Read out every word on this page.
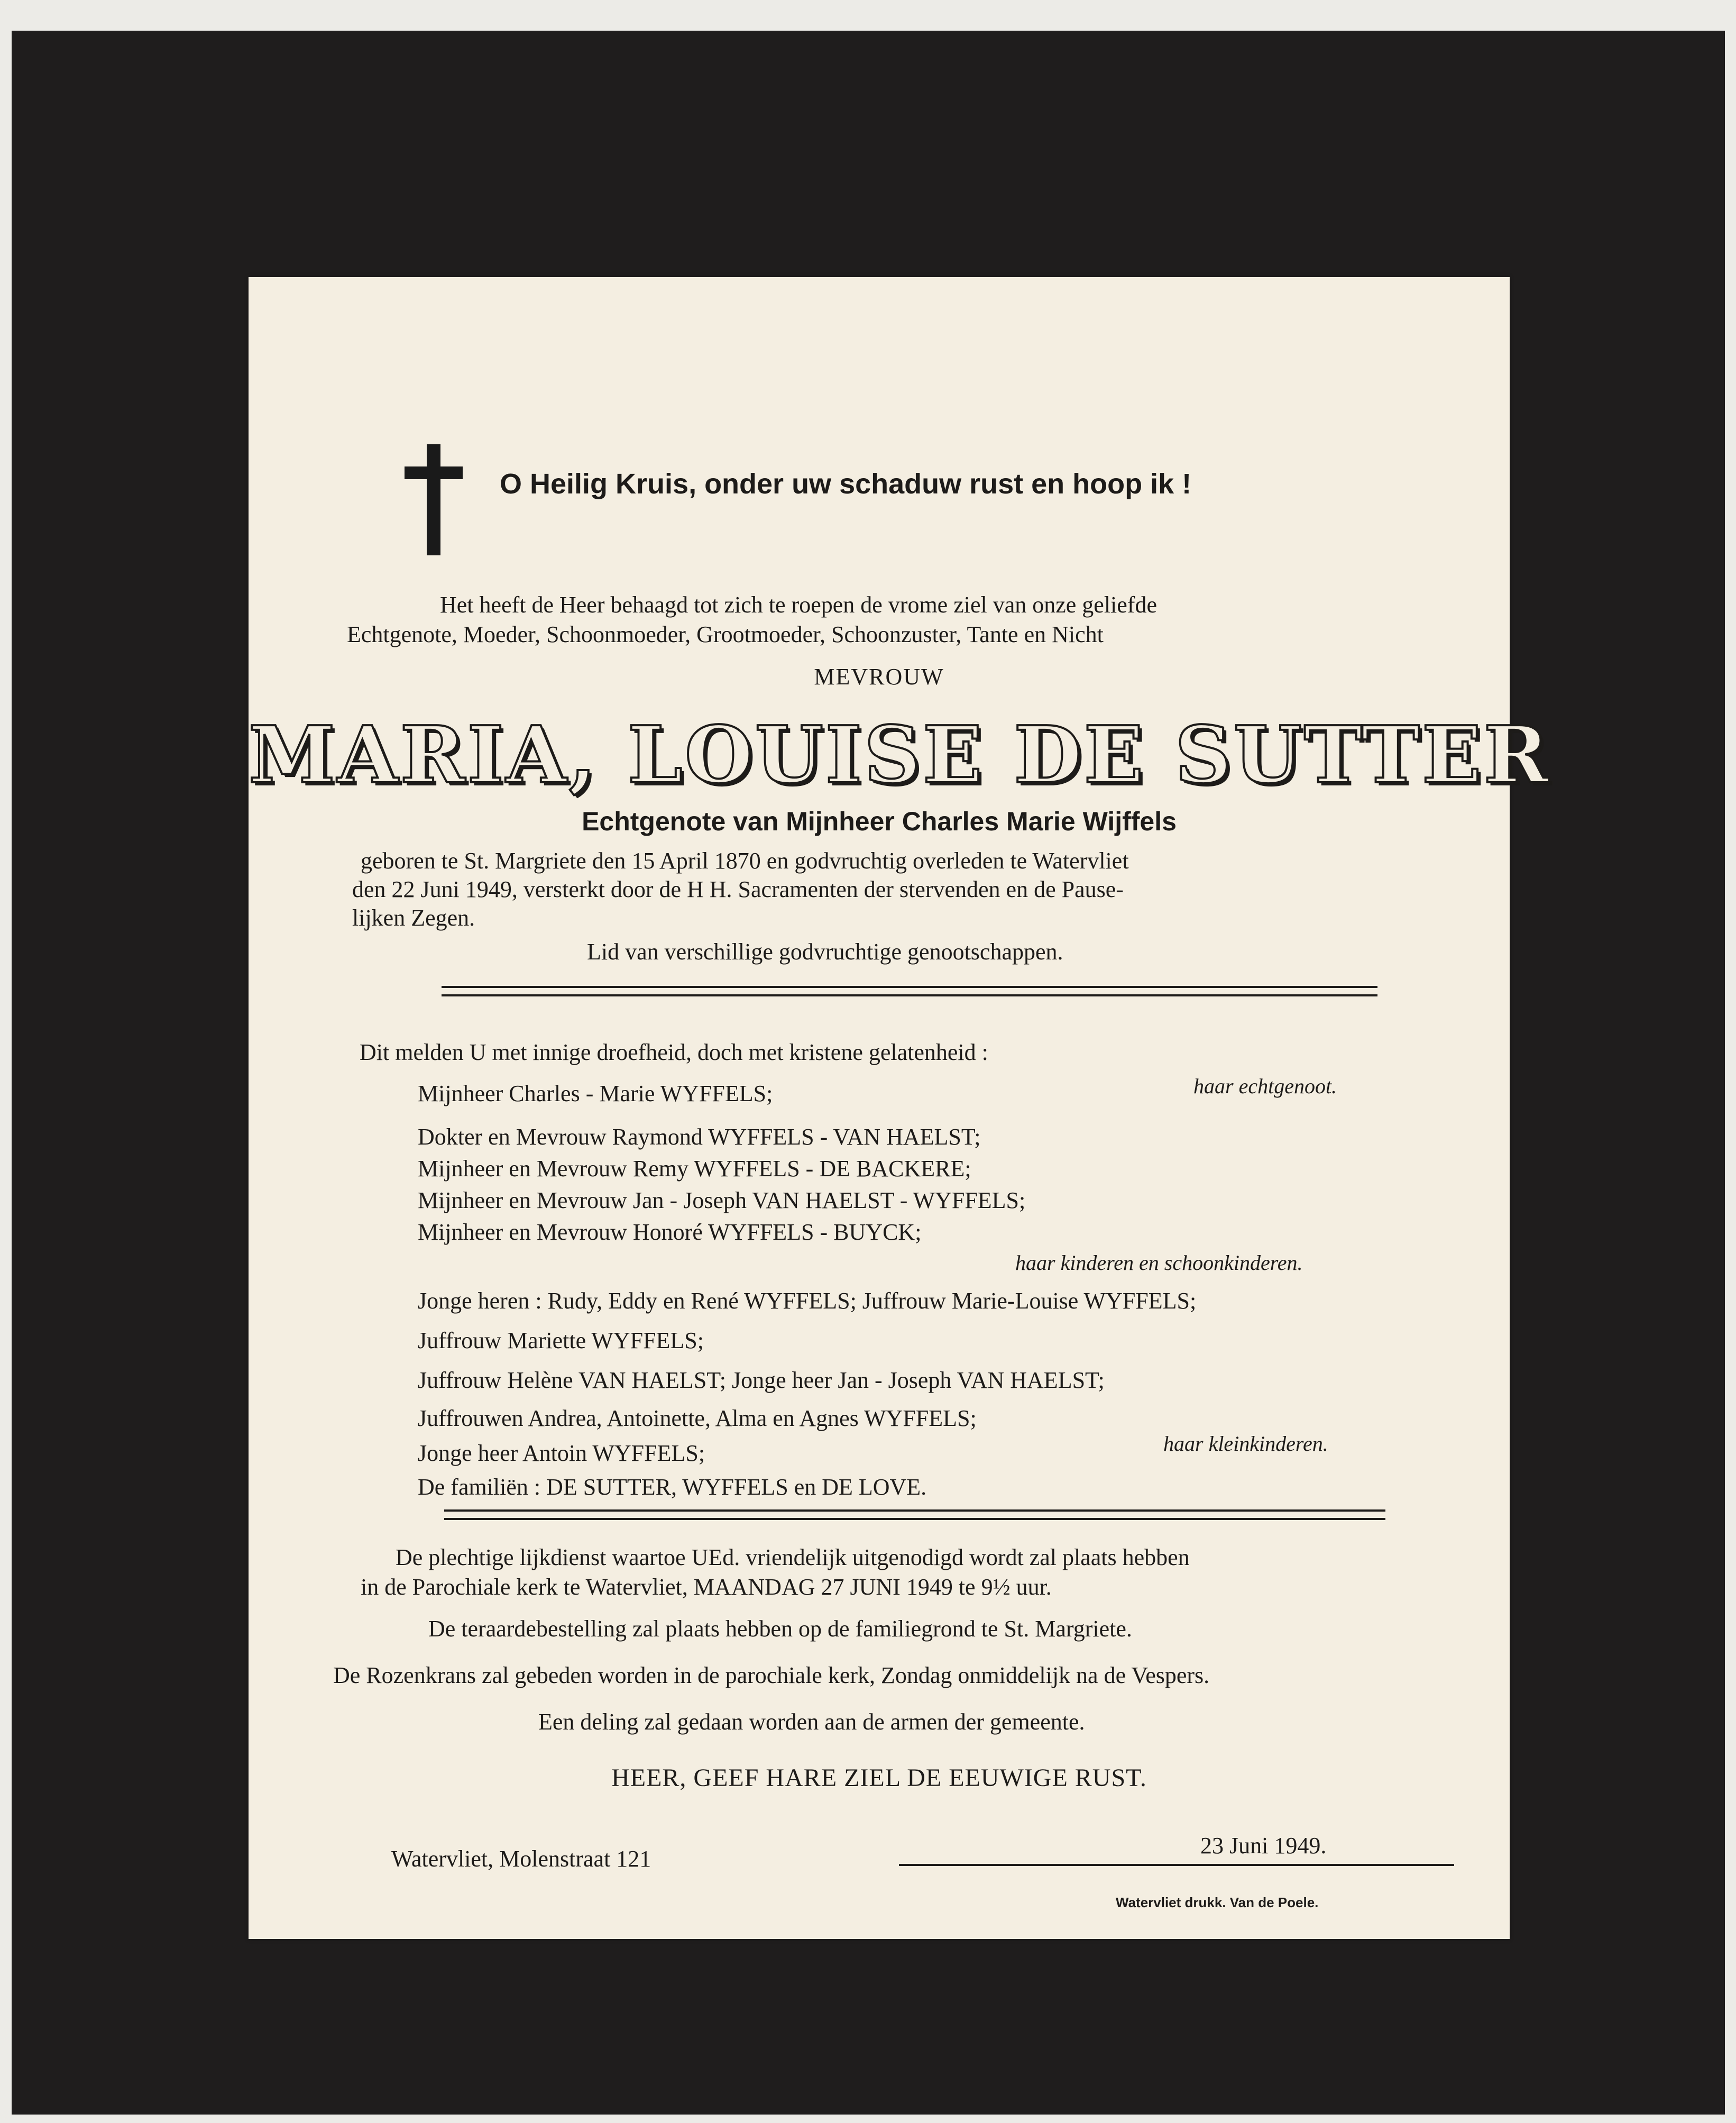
O Heilig Kruis, onder uw schaduw rust en hoop ik !
Het heeft de Heer behaagd tot zich te roepen de vrome ziel van onze geliefde
Echtgenote, Moeder, Schoonmoeder, Grootmoeder, Schoonzuster, Tante en Nicht
MEVROUW
MARIA, LOUISE DE SUTTER
Echtgenote van Mijnheer Charles Marie Wijffels
geboren te St. Margriete den 15 April 1870 en godvruchtig overleden te Watervliet
den 22 Juni 1949, versterkt door de H H. Sacramenten der stervenden en de Pause-
lijken Zegen.
Lid van verschillige godvruchtige genootschappen.
Dit melden U met innige droefheid, doch met kristene gelatenheid :
Mijnheer Charles - Marie WYFFELS;	haar echtgenoot.
Dokter en Mevrouw Raymond WYFFELS - VAN HAELST;
Mijnheer en Mevrouw Remy WYFFELS - DE BACKERE;
Mijnheer en Mevrouw Jan - Joseph VAN HAELST - WYFFELS;
Mijnheer en Mevrouw Honoré WYFFELS - BUYCK;
haar kinderen en schoonkinderen.
Jonge heren : Rudy, Eddy en René WYFFELS; Juffrouw Marie-Louise WYFFELS;
Juffrouw Mariette WYFFELS;
Juffrouw Helène VAN HAELST; Jonge heer Jan - Joseph VAN HAELST;
Juffrouwen Andrea, Antoinette, Alma en Agnes WYFFELS;
Jonge heer Antoin WYFFELS;	haar kleinkinderen.
De familiën : DE SUTTER, WYFFELS en DE LOVE.
De plechtige lijkdienst waartoe UEd. vriendelijk uitgenodigd wordt zal plaats hebben
in de Parochiale kerk te Watervliet, MAANDAG 27 JUNI 1949 te 9½ uur.
De teraardebestelling zal plaats hebben op de familiegrond te St. Margriete.
De Rozenkrans zal gebeden worden in de parochiale kerk, Zondag onmiddelijk na de Vespers.
Een deling zal gedaan worden aan de armen der gemeente.
HEER, GEEF HARE ZIEL DE EEUWIGE RUST.
Watervliet, Molenstraat 121
23 Juni 1949.
Watervliet drukk. Van de Poele.
